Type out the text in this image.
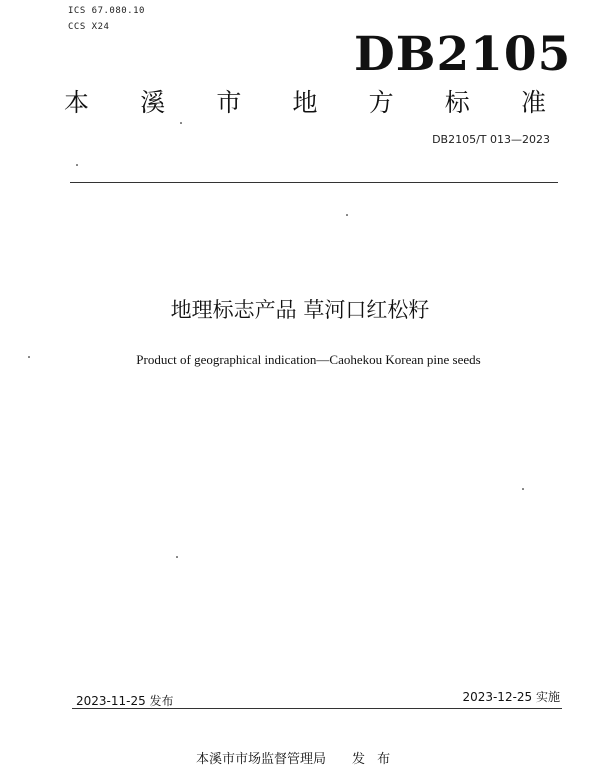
ICS 67.080.10
CCS X24	DB2105
本 溪 市 地 方 标 准
DB2105/T 013—2023
地理标志产品 草河口红松籽
Product of geographical indication—Caohekou Korean pine seeds
2023-11-25 发布	2023-12-25 实施
本溪市市场监督管理局 发 布
